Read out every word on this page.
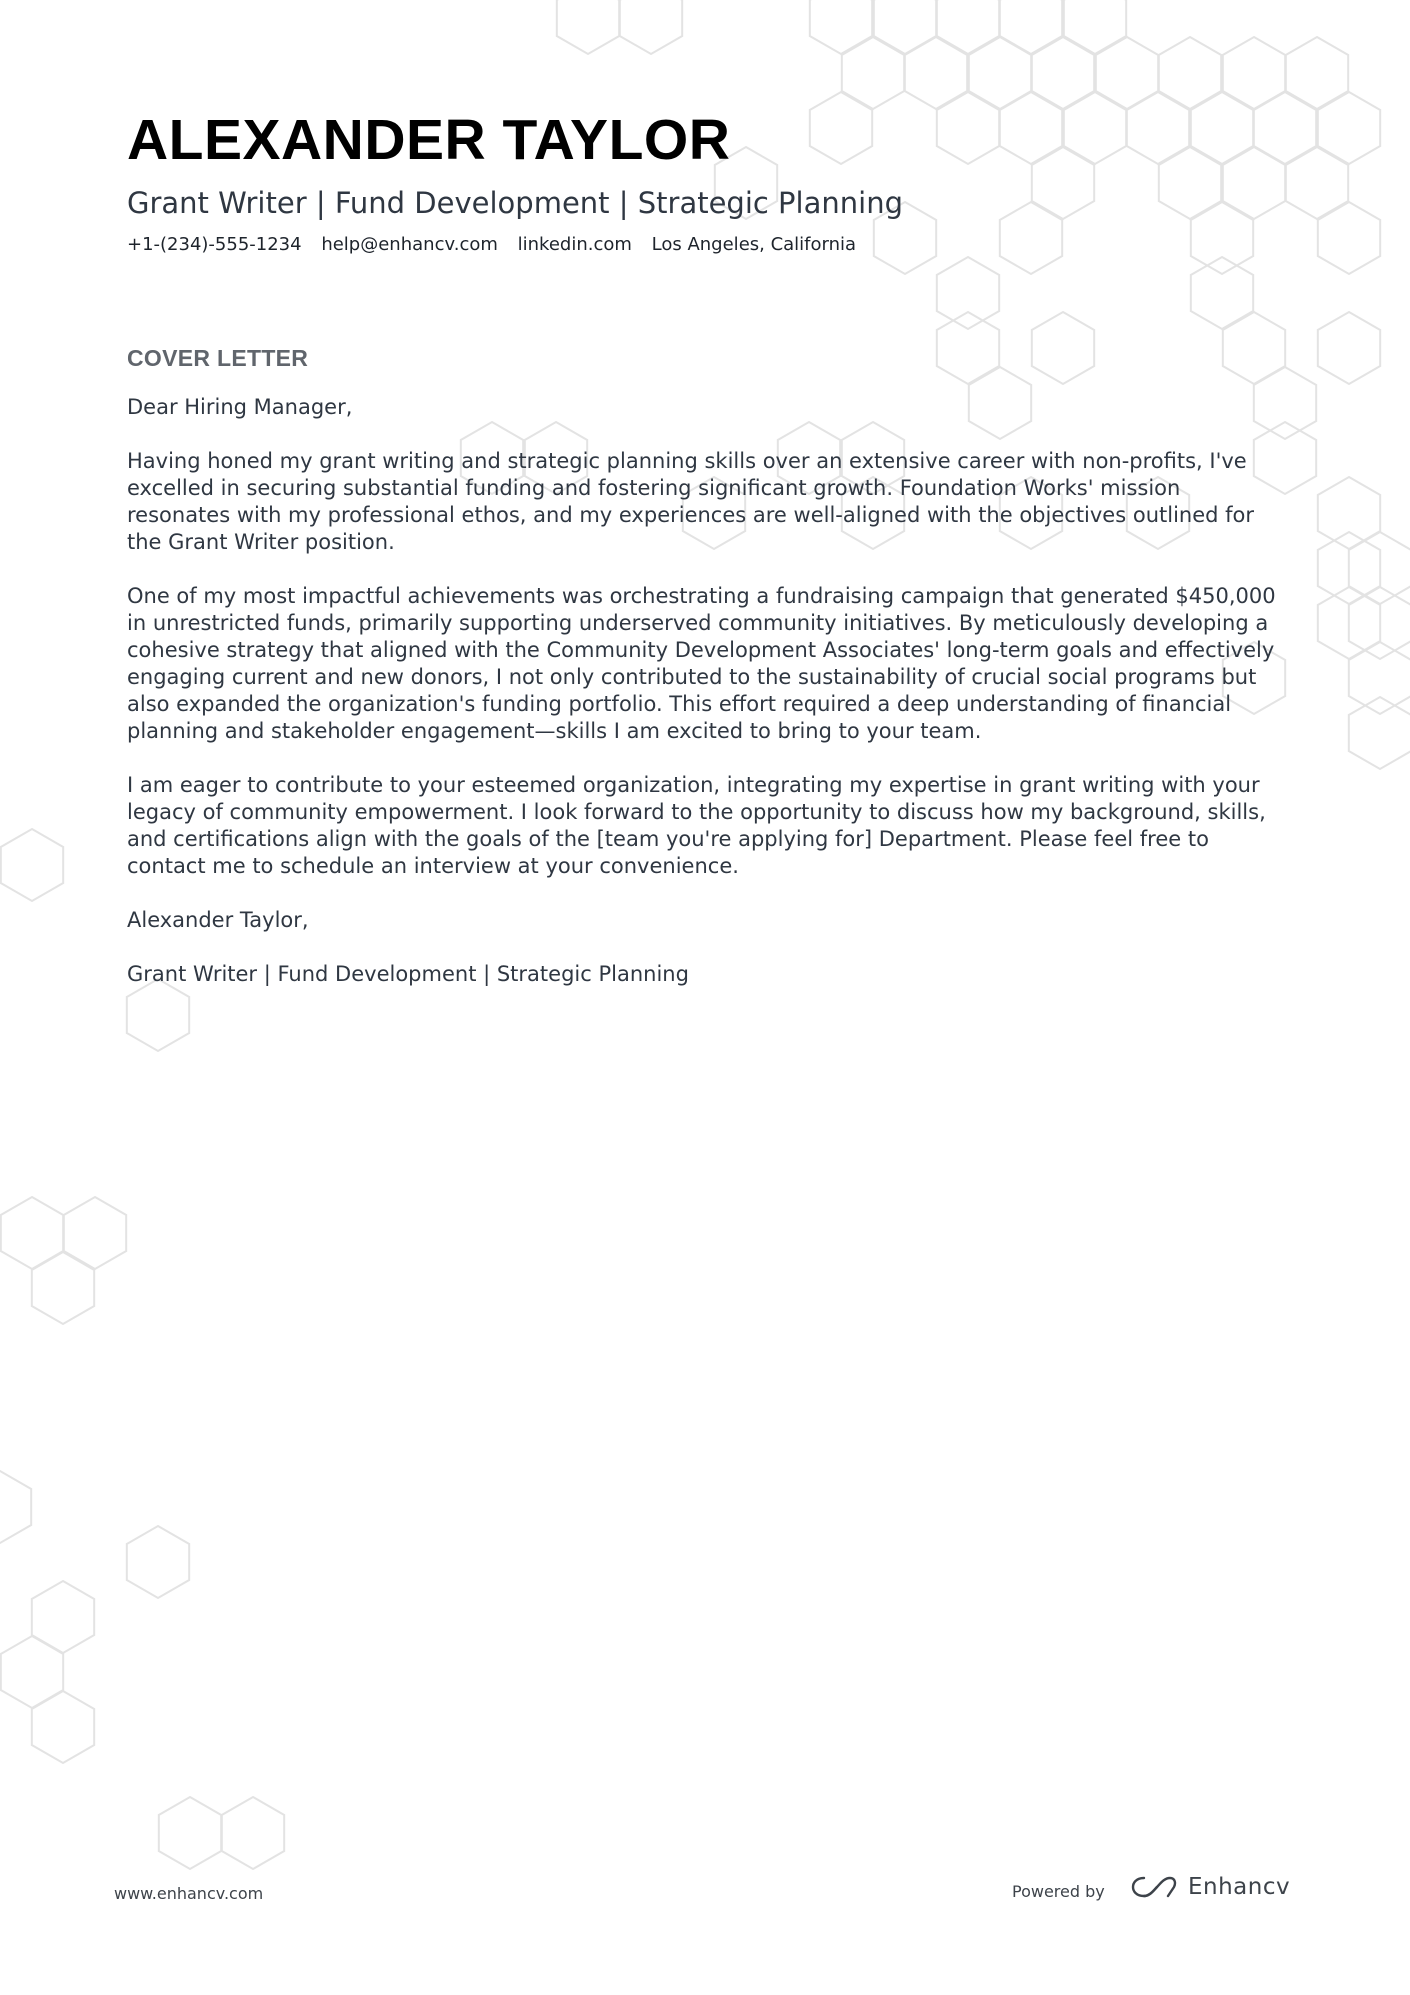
ALEXANDER TAYLOR
Grant Writer | Fund Development | Strategic Planning
+1-(234)-555-1234 help@enhancv.com linkedin.com Los Angeles, California
COVER LETTER

Dear Hiring Manager,

Having honed my grant writing and strategic planning skills over an extensive career with non-profits, I've excelled in securing substantial funding and fostering significant growth. Foundation Works' mission resonates with my professional ethos, and my experiences are well-aligned with the objectives outlined for the Grant Writer position.

One of my most impactful achievements was orchestrating a fundraising campaign that generated $450,000 in unrestricted funds, primarily supporting underserved community initiatives. By meticulously developing a cohesive strategy that aligned with the Community Development Associates' long-term goals and effectively engaging current and new donors, I not only contributed to the sustainability of crucial social programs but also expanded the organization's funding portfolio. This effort required a deep understanding of financial planning and stakeholder engagement—skills I am excited to bring to your team.

I am eager to contribute to your esteemed organization, integrating my expertise in grant writing with your legacy of community empowerment. I look forward to the opportunity to discuss how my background, skills, and certifications align with the goals of the [team you're applying for] Department. Please feel free to contact me to schedule an interview at your convenience.

Alexander Taylor,

Grant Writer | Fund Development | Strategic Planning

www.enhancv.com	Powered by	Enhancv
